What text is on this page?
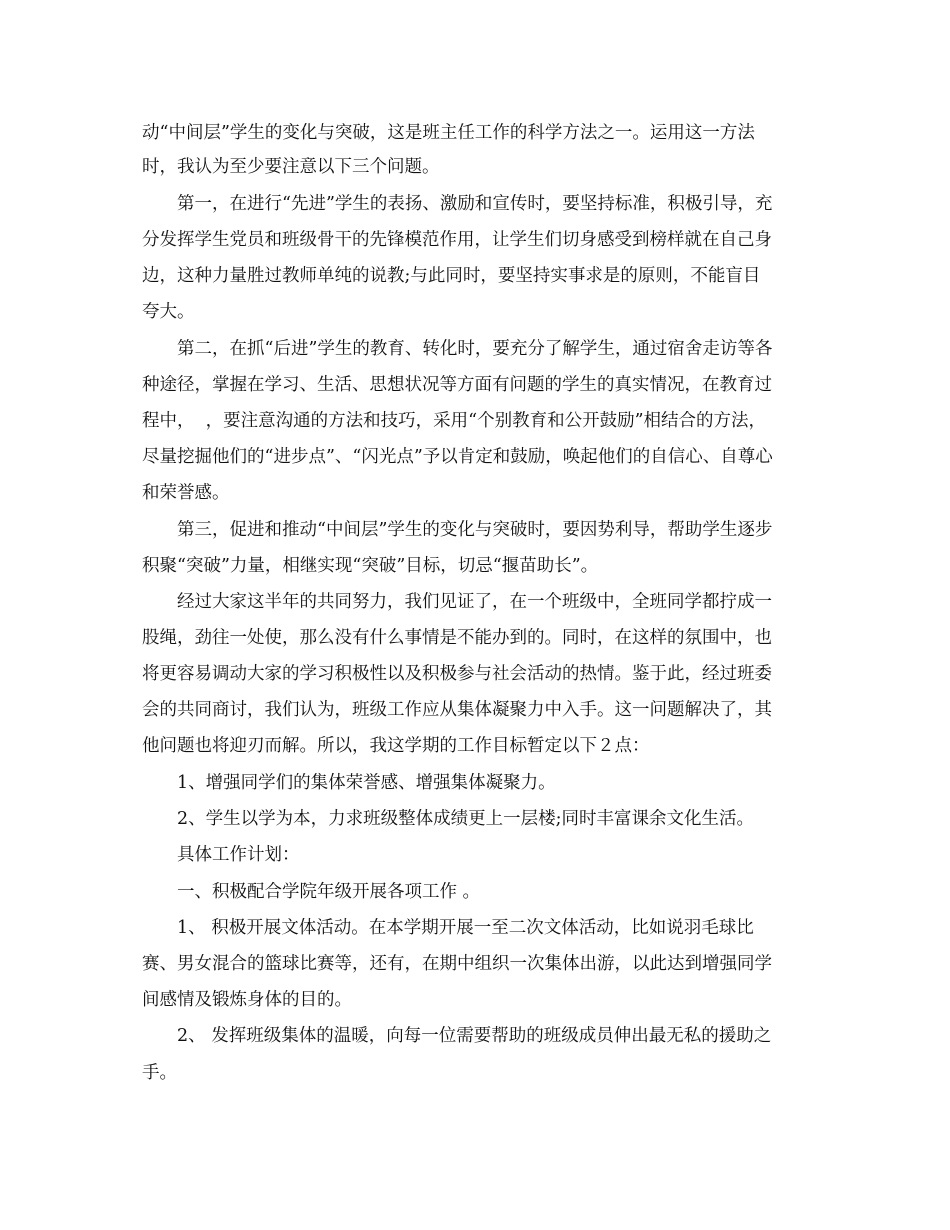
动“中间层”学生的变化与突破，这是班主任工作的科学方法之一。运用这一方法
时，我认为至少要注意以下三个问题。
第一，在进行“先进”学生的表扬、激励和宣传时，要坚持标准，积极引导，充
分发挥学生党员和班级骨干的先锋模范作用，让学生们切身感受到榜样就在自己身
边，这种力量胜过教师单纯的说教;与此同时，要坚持实事求是的原则，不能盲目
夸大。
第二，在抓“后进”学生的教育、转化时，要充分了解学生，通过宿舍走访等各
种途径，掌握在学习、生活、思想状况等方面有问题的学生的真实情况，在教育过
程中，  ，要注意沟通的方法和技巧，采用“个别教育和公开鼓励”相结合的方法，
尽量挖掘他们的“进步点”、“闪光点”予以肯定和鼓励，唤起他们的自信心、自尊心
和荣誉感。
第三，促进和推动“中间层”学生的变化与突破时，要因势利导，帮助学生逐步
积聚“突破”力量，相继实现“突破”目标，切忌“揠苗助长”。
经过大家这半年的共同努力，我们见证了，在一个班级中，全班同学都拧成一
股绳，劲往一处使，那么没有什么事情是不能办到的。同时，在这样的氛围中，也
将更容易调动大家的学习积极性以及积极参与社会活动的热情。鉴于此，经过班委
会的共同商讨，我们认为，班级工作应从集体凝聚力中入手。这一问题解决了，其
他问题也将迎刃而解。所以，我这学期的工作目标暂定以下２点：
1、增强同学们的集体荣誉感、增强集体凝聚力。
2、学生以学为本，力求班级整体成绩更上一层楼;同时丰富课余文化生活。
具体工作计划：
一、积极配合学院年级开展各项工作 。
1、 积极开展文体活动。在本学期开展一至二次文体活动，比如说羽毛球比
赛、男女混合的篮球比赛等，还有，在期中组织一次集体出游，以此达到增强同学
间感情及锻炼身体的目的。
2、 发挥班级集体的温暖，向每一位需要帮助的班级成员伸出最无私的援助之
手。
